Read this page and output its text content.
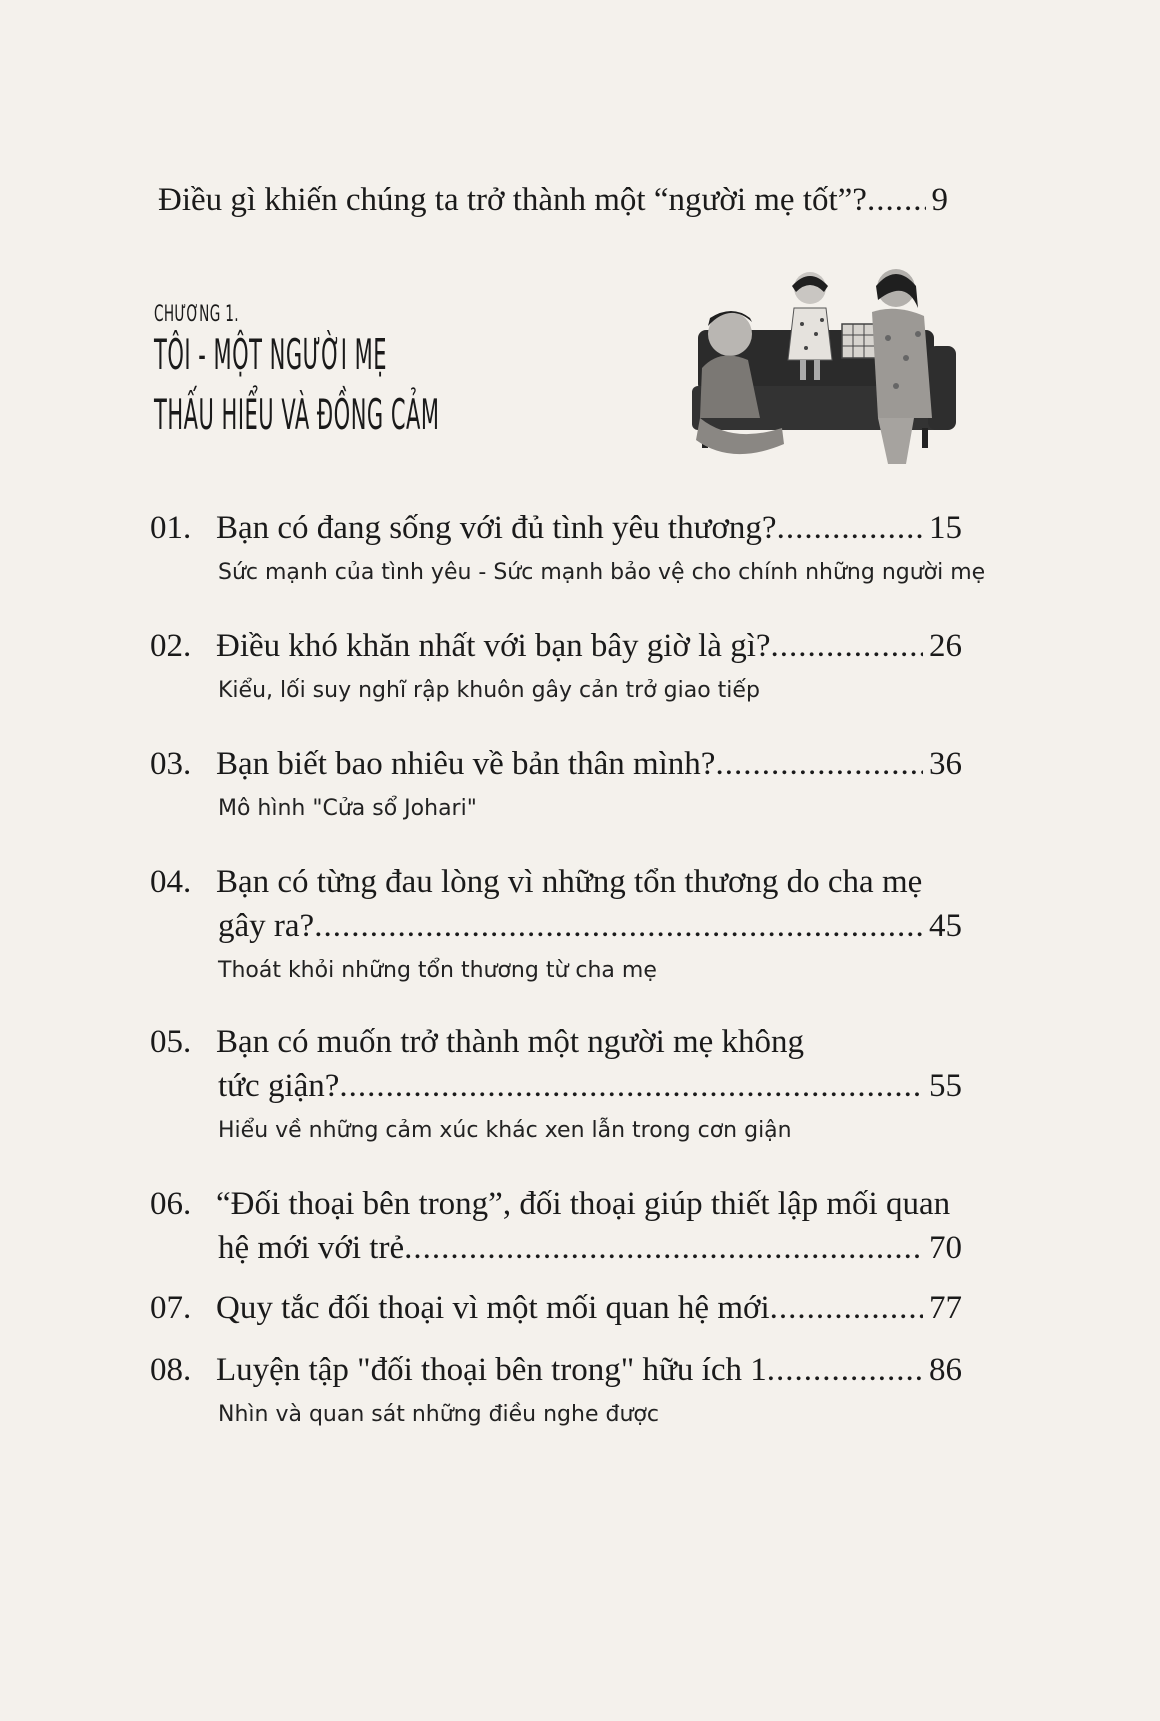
Điều gì khiến chúng ta trở thành một “người mẹ tốt”? ..... 9
CHƯƠNG 1.
TÔI - MỘT NGƯỜI MẸ
THẤU HIỂU VÀ ĐỒNG CẢM
01. Bạn có đang sống với đủ tình yêu thương? .....	15
Sức mạnh của tình yêu - Sức mạnh bảo vệ cho chính những người mẹ
02. Điều khó khăn nhất với bạn bây giờ là gì? .....	26
Kiểu, lối suy nghĩ rập khuôn gây cản trở giao tiếp
03. Bạn biết bao nhiêu về bản thân mình? .....	36
Mô hình "Cửa sổ Johari"
04. Bạn có từng đau lòng vì những tổn thương do cha mẹ
gây ra? .....	45
Thoát khỏi những tổn thương từ cha mẹ
05. Bạn có muốn trở thành một người mẹ không
tức giận? .....	55
Hiểu về những cảm xúc khác xen lẫn trong cơn giận
06. “Đối thoại bên trong”, đối thoại giúp thiết lập mối quan
hệ mới với trẻ .....	70
07. Quy tắc đối thoại vì một mối quan hệ mới .....	77
08. Luyện tập "đối thoại bên trong" hữu ích 1 .....	86
Nhìn và quan sát những điều nghe được
